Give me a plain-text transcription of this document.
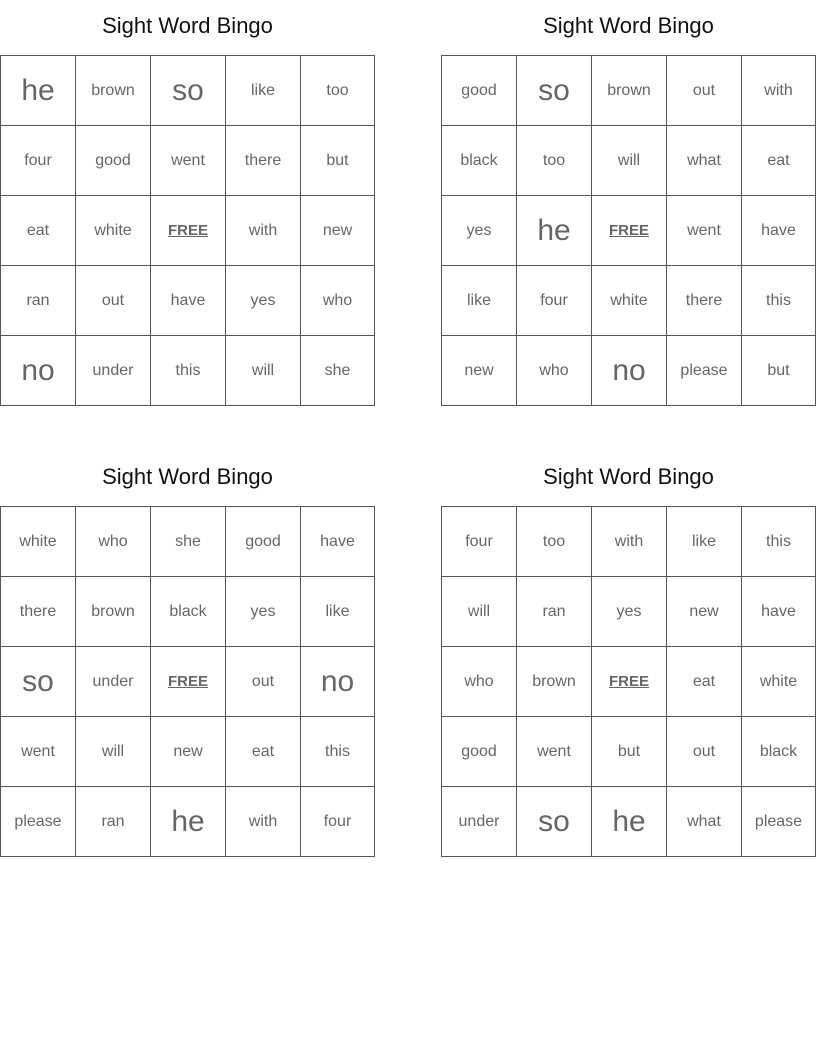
Sight Word Bingo
he	brown	so	like	too
four	good	went	there	but
eat	white	FREE	with	new
ran	out	have	yes	who
no	under	this	will	she
Sight Word Bingo
good	so	brown	out	with
black	too	will	what	eat
yes	he	FREE	went	have
like	four	white	there	this
new	who	no	please	but
Sight Word Bingo
white	who	she	good	have
there	brown	black	yes	like
so	under	FREE	out	no
went	will	new	eat	this
please	ran	he	with	four
Sight Word Bingo
four	too	with	like	this
will	ran	yes	new	have
who	brown	FREE	eat	white
good	went	but	out	black
under	so	he	what	please
